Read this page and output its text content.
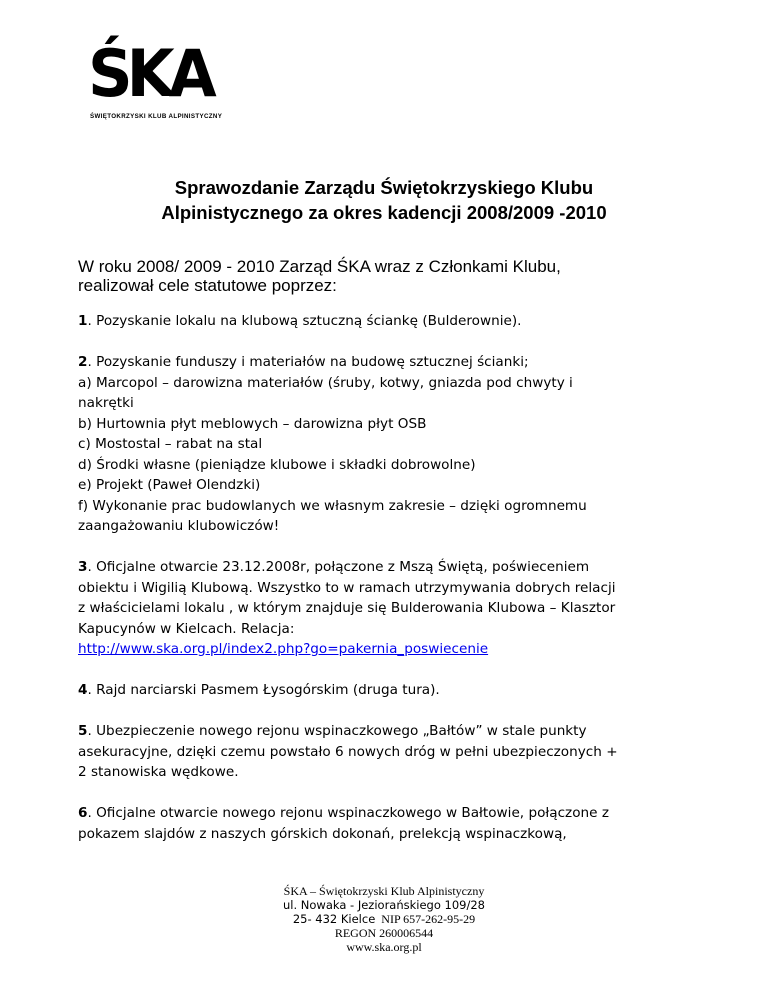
ŚKA
ŚWIĘTOKRZYSKI KLUB ALPINISTYCZNY
Sprawozdanie Zarządu Świętokrzyskiego Klubu
Alpinistycznego za okres kadencji 2008/2009 -2010
W roku 2008/ 2009 - 2010 Zarząd ŚKA wraz z Członkami Klubu,
realizował cele statutowe poprzez:

1. Pozyskanie lokalu na klubową sztuczną ściankę (Bulderownie).

2. Pozyskanie funduszy i materiałów na budowę sztucznej ścianki;
a) Marcopol – darowizna materiałów (śruby, kotwy, gniazda pod chwyty i
nakrętki
b) Hurtownia płyt meblowych – darowizna płyt OSB
c) Mostostal – rabat na stal
d) Środki własne (pieniądze klubowe i składki dobrowolne)
e) Projekt (Paweł Olendzki)
f) Wykonanie prac budowlanych we własnym zakresie – dzięki ogromnemu
zaangażowaniu klubowiczów!

3. Oficjalne otwarcie 23.12.2008r, połączone z Mszą Świętą, poświeceniem
obiektu i Wigilią Klubową. Wszystko to w ramach utrzymywania dobrych relacji
z właścicielami lokalu , w którym znajduje się Bulderowania Klubowa – Klasztor
Kapucynów w Kielcach. Relacja:
http://www.ska.org.pl/index2.php?go=pakernia_poswiecenie

4. Rajd narciarski Pasmem Łysogórskim (druga tura).

5. Ubezpieczenie nowego rejonu wspinaczkowego „Bałtów” w stale punkty
asekuracyjne, dzięki czemu powstało 6 nowych dróg w pełni ubezpieczonych +
2 stanowiska wędkowe.

6. Oficjalne otwarcie nowego rejonu wspinaczkowego w Bałtowie, połączone z
pokazem slajdów z naszych górskich dokonań, prelekcją wspinaczkową,

ŚKA – Świętokrzyski Klub Alpinistyczny
ul. Nowaka - Jeziorańskiego 109/28
25- 432 Kielce NIP 657-262-95-29
REGON 260006544
www.ska.org.pl
